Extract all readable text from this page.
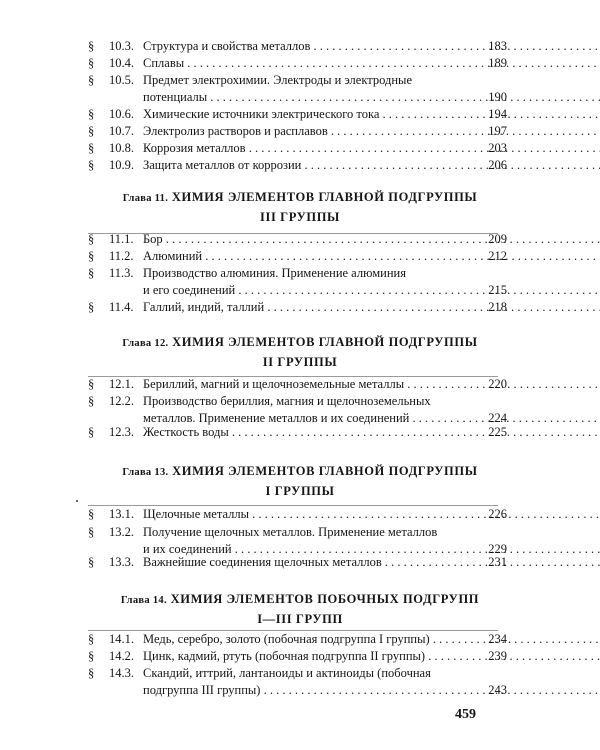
§ 10.3. Структура и свойства металлов . . .	183
§ 10.4. Сплавы . . .	189
§ 10.5. Предмет электрохимии. Электроды и электродные
потенциалы . . .	190
§ 10.6. Химические источники электрического тока . . .	194
§ 10.7. Электролиз растворов и расплавов . . .	197
§ 10.8. Коррозия металлов . . .	203
§ 10.9. Защита металлов от коррозии . . .	206
Глава 11. ХИМИЯ ЭЛЕМЕНТОВ ГЛАВНОЙ ПОДГРУППЫ
III ГРУППЫ
§ 11.1. Бор . . .	209
§ 11.2. Алюминий . . .	212
§ 11.3. Производство алюминия. Применение алюминия
и его соединений . . .	215
§ 11.4. Галлий, индий, таллий . . .	218
Глава 12. ХИМИЯ ЭЛЕМЕНТОВ ГЛАВНОЙ ПОДГРУППЫ
II ГРУППЫ
§ 12.1. Бериллий, магний и щелочноземельные металлы . . .	220
§ 12.2. Производство бериллия, магния и щелочноземельных
металлов. Применение металлов и их соединений . . .	224
§ 12.3. Жесткость воды . . .	225
Глава 13. ХИМИЯ ЭЛЕМЕНТОВ ГЛАВНОЙ ПОДГРУППЫ
I ГРУППЫ
§ 13.1. Щелочные металлы . . .	226
§ 13.2. Получение щелочных металлов. Применение металлов
и их соединений . . .	229
§ 13.3. Важнейшие соединения щелочных металлов . . .	231
Глава 14. ХИМИЯ ЭЛЕМЕНТОВ ПОБОЧНЫХ ПОДГРУПП
I—III ГРУПП
§ 14.1. Медь, серебро, золото (побочная подгруппа I группы) . . .	234
§ 14.2. Цинк, кадмий, ртуть (побочная подгруппа II группы) . . .	239
§ 14.3. Скандий, иттрий, лантаноиды и актиноиды (побочная
подгруппа III группы) . . .	243
459
